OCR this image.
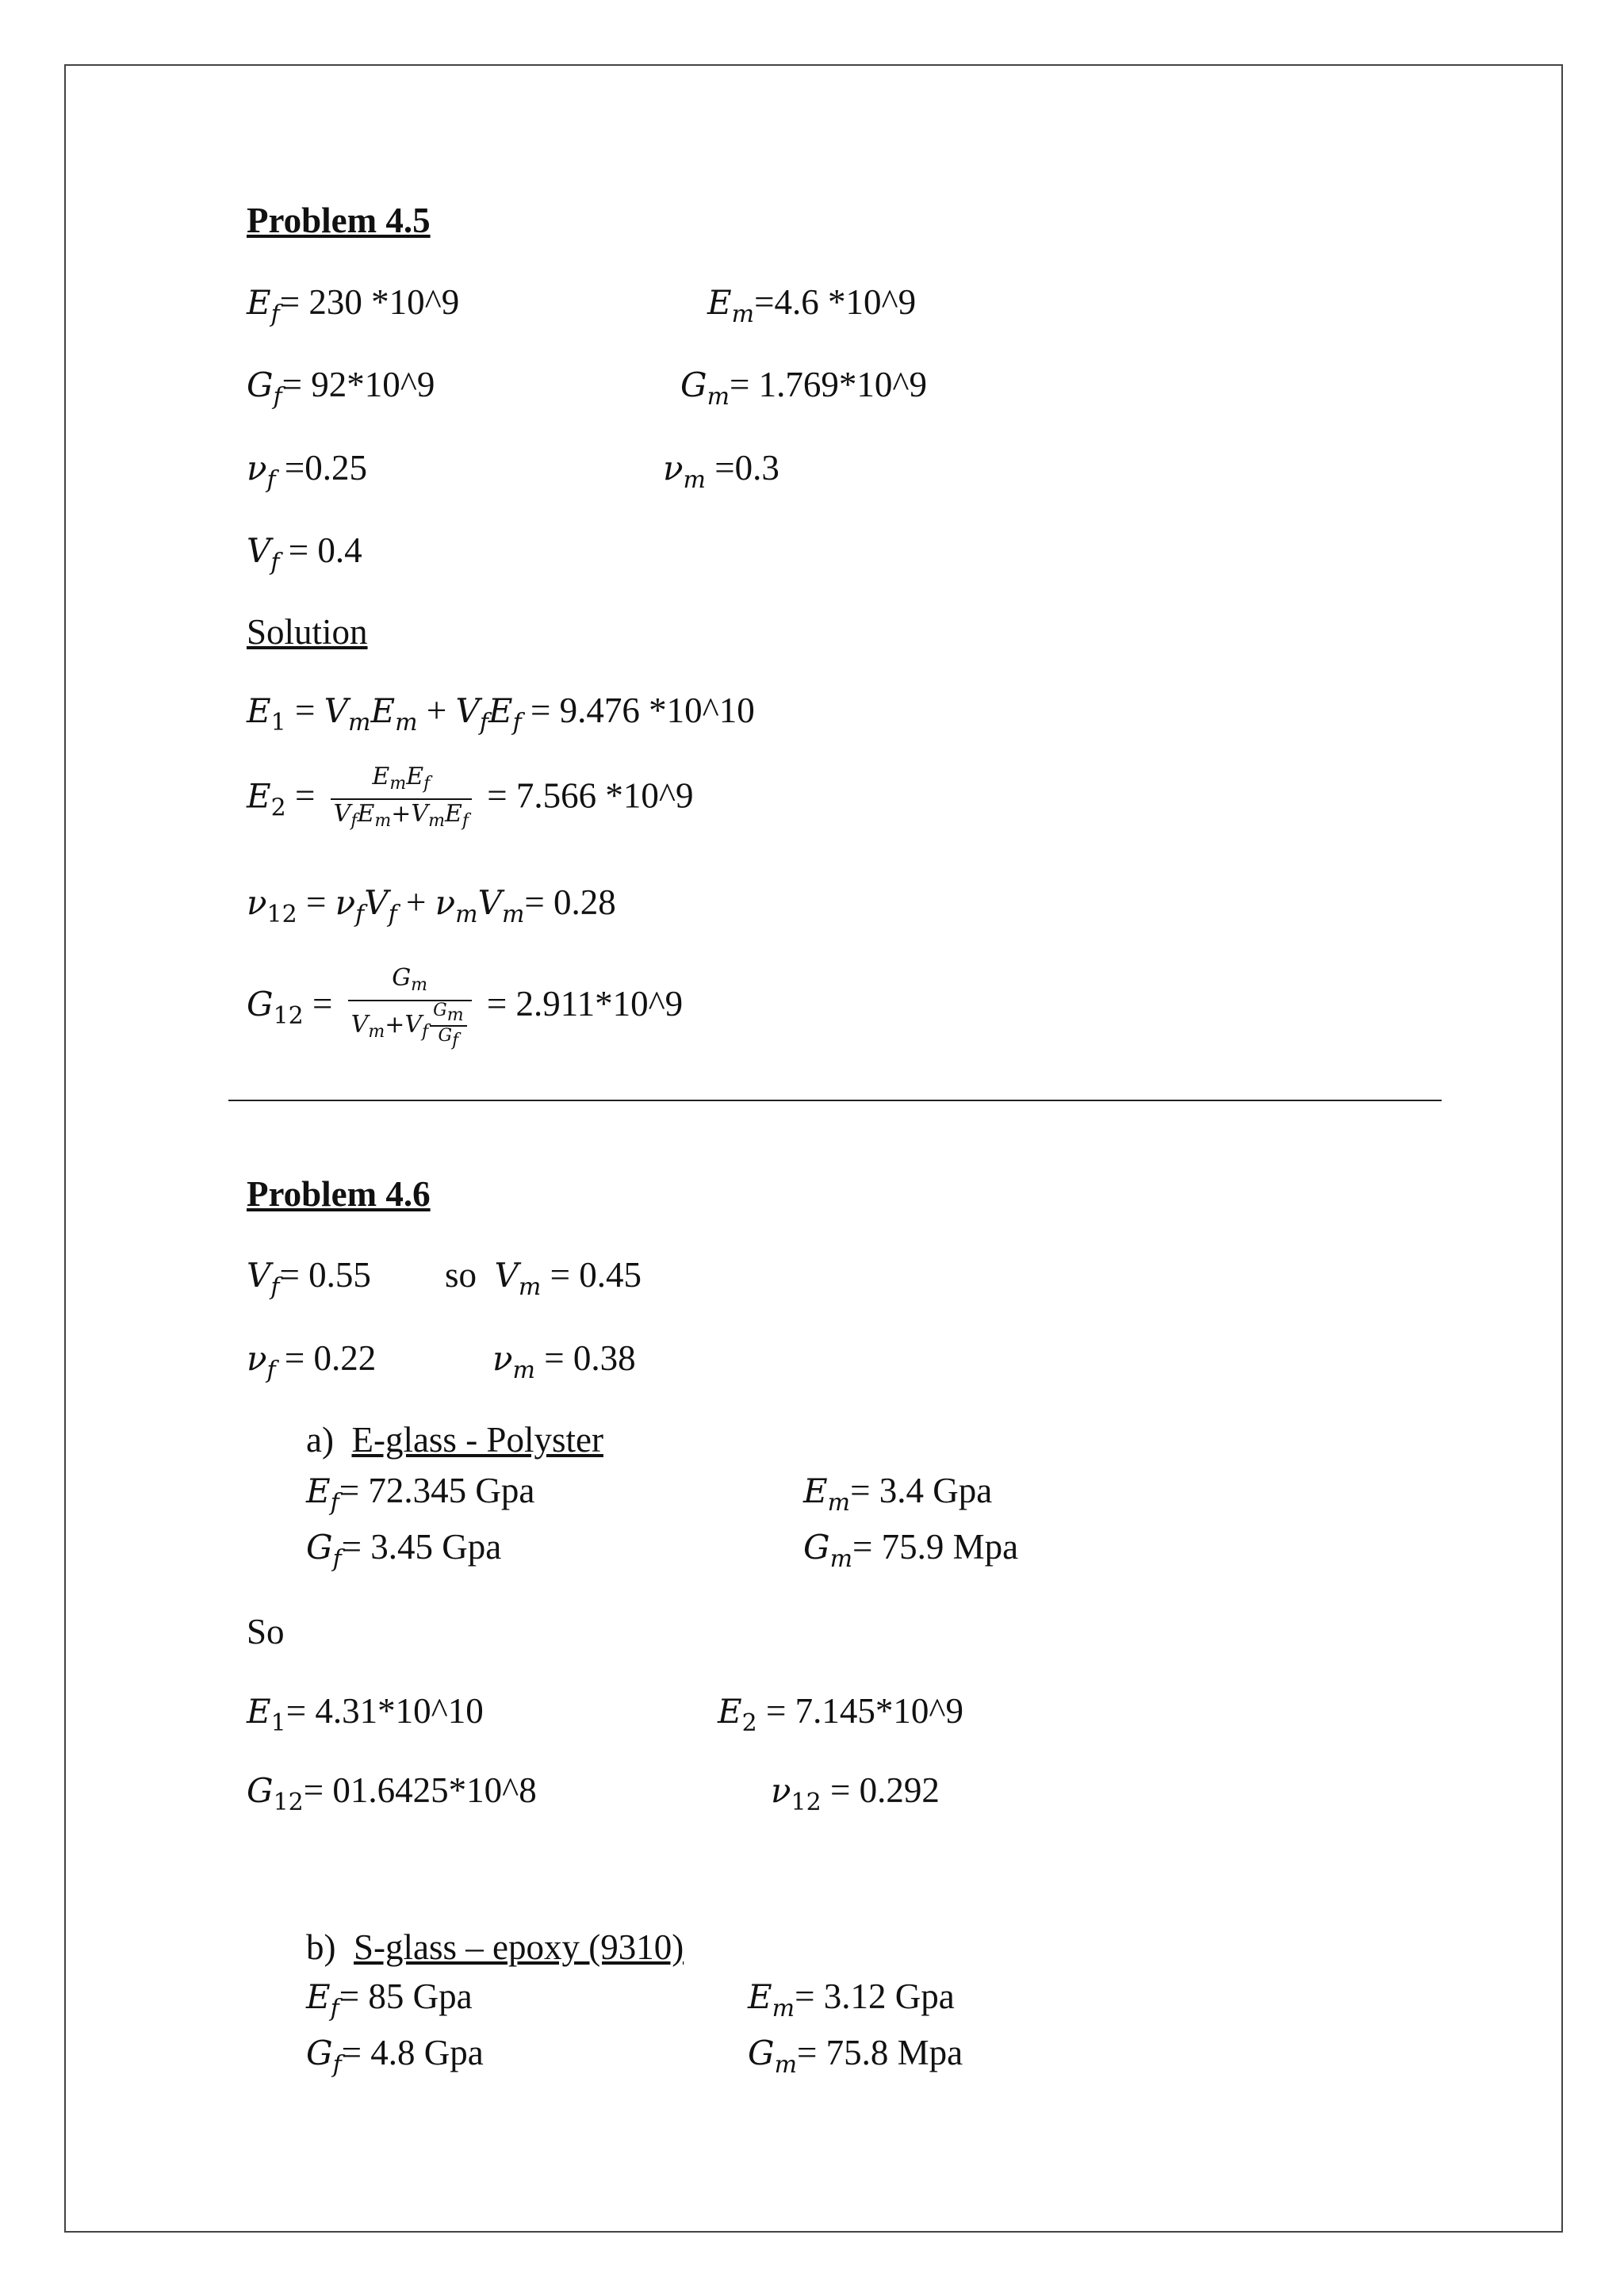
Problem 4.5
$E_f= 230$ *10^9	$E_m=4.6$ *10^9
$G_f=$ 92*10^9	$G_m=$ 1.769*10^9
$\nu_f =0.25$	$\nu_m =0.3$
$V_f = 0.4$
Solution
$E_1 = V_mE_m + V_fE_f = 9.476$ *10^10
$E_2 = \frac{E_mE_f}{V_fE_m+V_mE_f} = 7.566$ *10^9
$\nu_{12} = \nu_fV_f + \nu_mV_m= 0.28$
$G_{12} = \frac{G_m}{V_m+V_f \frac{Gm}{Gf}}$ = 2.911*10^9
Problem 4.6
$V_f= 0.55$ so $V_m = 0.45$
$\nu_f = 0.22$	$\nu_m = 0.38$
a) E-glass - Polyster
$E_f= 72.345$ Gpa	$E_m= 3.4$ Gpa
$G_f= 3.45$ Gpa	$G_m= 75.9$ Mpa
So
$E_1=$ 4.31*10^10	$E_2$ = 7.145*10^9
$G_{12}=$ 01.6425*10^8	$\nu_{12} = 0.292$
b) S-glass – epoxy (9310)
$E_f= 85$ Gpa	$E_m= 3.12$ Gpa
$G_f= 4.8$ Gpa	$G_m= 75.8$ Mpa
